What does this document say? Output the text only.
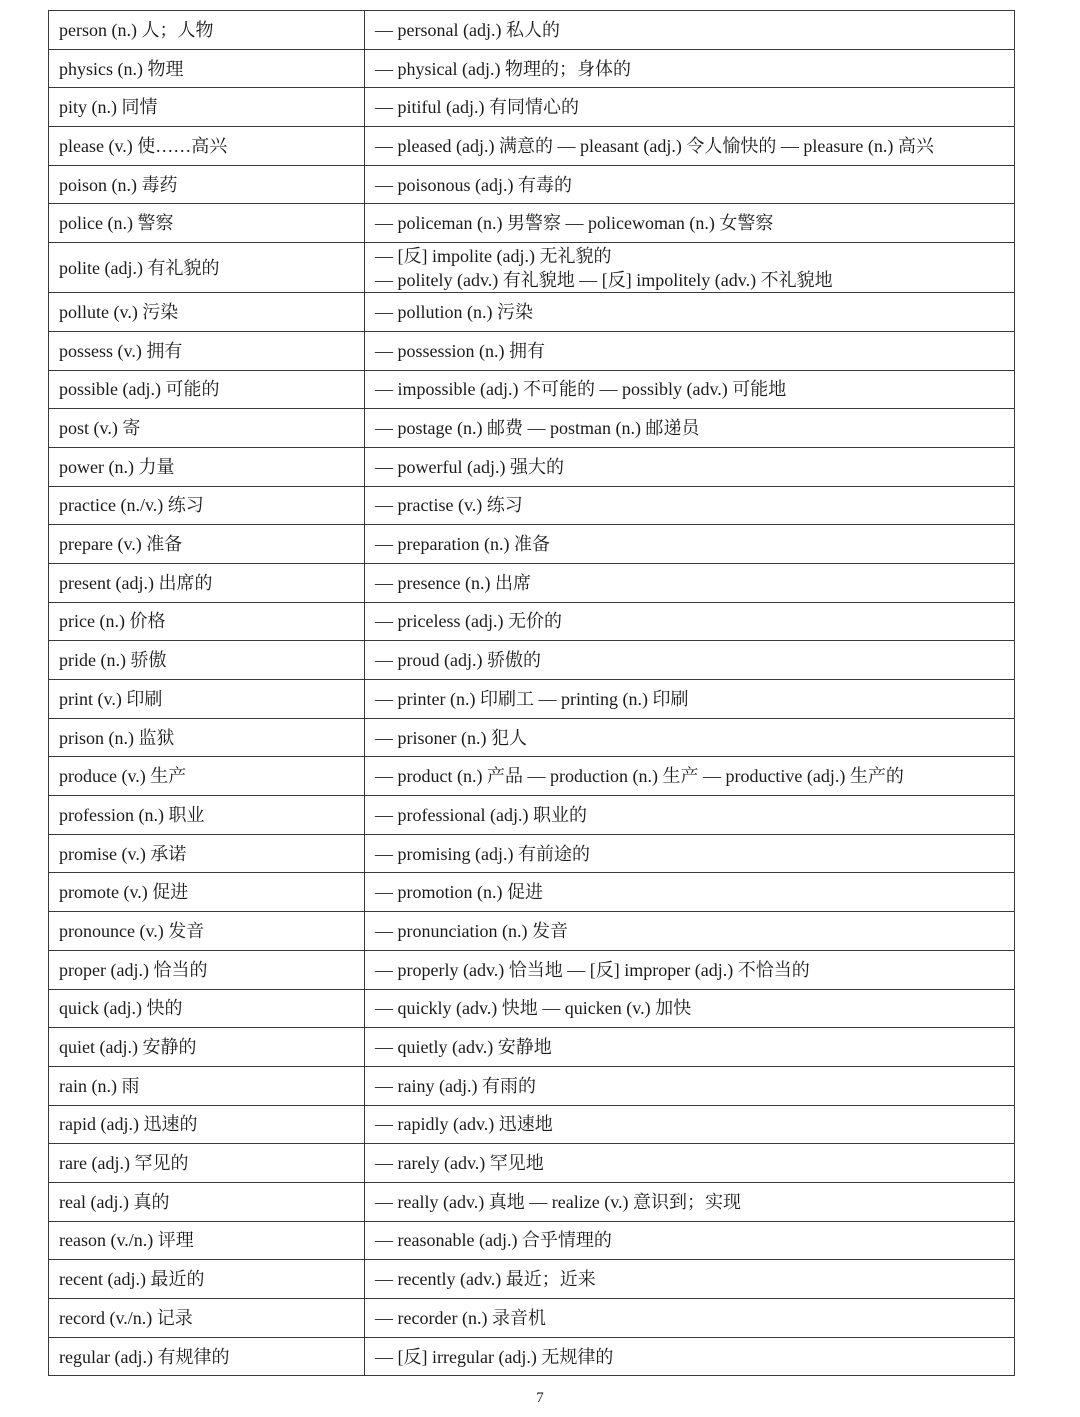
person (n.) 人；人物	— personal (adj.) 私人的

physics (n.) 物理	— physical (adj.) 物理的；身体的

pity (n.) 同情	— pitiful (adj.) 有同情心的

please (v.) 使……高兴	— pleased (adj.) 满意的 — pleasant (adj.) 令人愉快的 — pleasure (n.) 高兴

poison (n.) 毒药	— poisonous (adj.) 有毒的

police (n.) 警察	— policeman (n.) 男警察 — policewoman (n.) 女警察

polite (adj.) 有礼貌的	— [反] impolite (adj.) 无礼貌的
— politely (adv.) 有礼貌地 — [反] impolitely (adv.) 不礼貌地

pollute (v.) 污染	— pollution (n.) 污染

possess (v.) 拥有	— possession (n.) 拥有

possible (adj.) 可能的	— impossible (adj.) 不可能的 — possibly (adv.) 可能地

post (v.) 寄	— postage (n.) 邮费 — postman (n.) 邮递员

power (n.) 力量	— powerful (adj.) 强大的

practice (n./v.) 练习	— practise (v.) 练习

prepare (v.) 准备	— preparation (n.) 准备

present (adj.) 出席的	— presence (n.) 出席

price (n.) 价格	— priceless (adj.) 无价的

pride (n.) 骄傲	— proud (adj.) 骄傲的

print (v.) 印刷	— printer (n.) 印刷工 — printing (n.) 印刷

prison (n.) 监狱	— prisoner (n.) 犯人

produce (v.) 生产	— product (n.) 产品 — production (n.) 生产 — productive (adj.) 生产的

profession (n.) 职业	— professional (adj.) 职业的

promise (v.) 承诺	— promising (adj.) 有前途的

promote (v.) 促进	— promotion (n.) 促进

pronounce (v.) 发音	— pronunciation (n.) 发音

proper (adj.) 恰当的	— properly (adv.) 恰当地 — [反] improper (adj.) 不恰当的

quick (adj.) 快的	— quickly (adv.) 快地 — quicken (v.) 加快

quiet (adj.) 安静的	— quietly (adv.) 安静地

rain (n.) 雨	— rainy (adj.) 有雨的

rapid (adj.) 迅速的	— rapidly (adv.) 迅速地

rare (adj.) 罕见的	— rarely (adv.) 罕见地

real (adj.) 真的	— really (adv.) 真地 — realize (v.) 意识到；实现

reason (v./n.) 评理	— reasonable (adj.) 合乎情理的

recent (adj.) 最近的	— recently (adv.) 最近；近来

record (v./n.) 记录	— recorder (n.) 录音机

regular (adj.) 有规律的	— [反] irregular (adj.) 无规律的
7
